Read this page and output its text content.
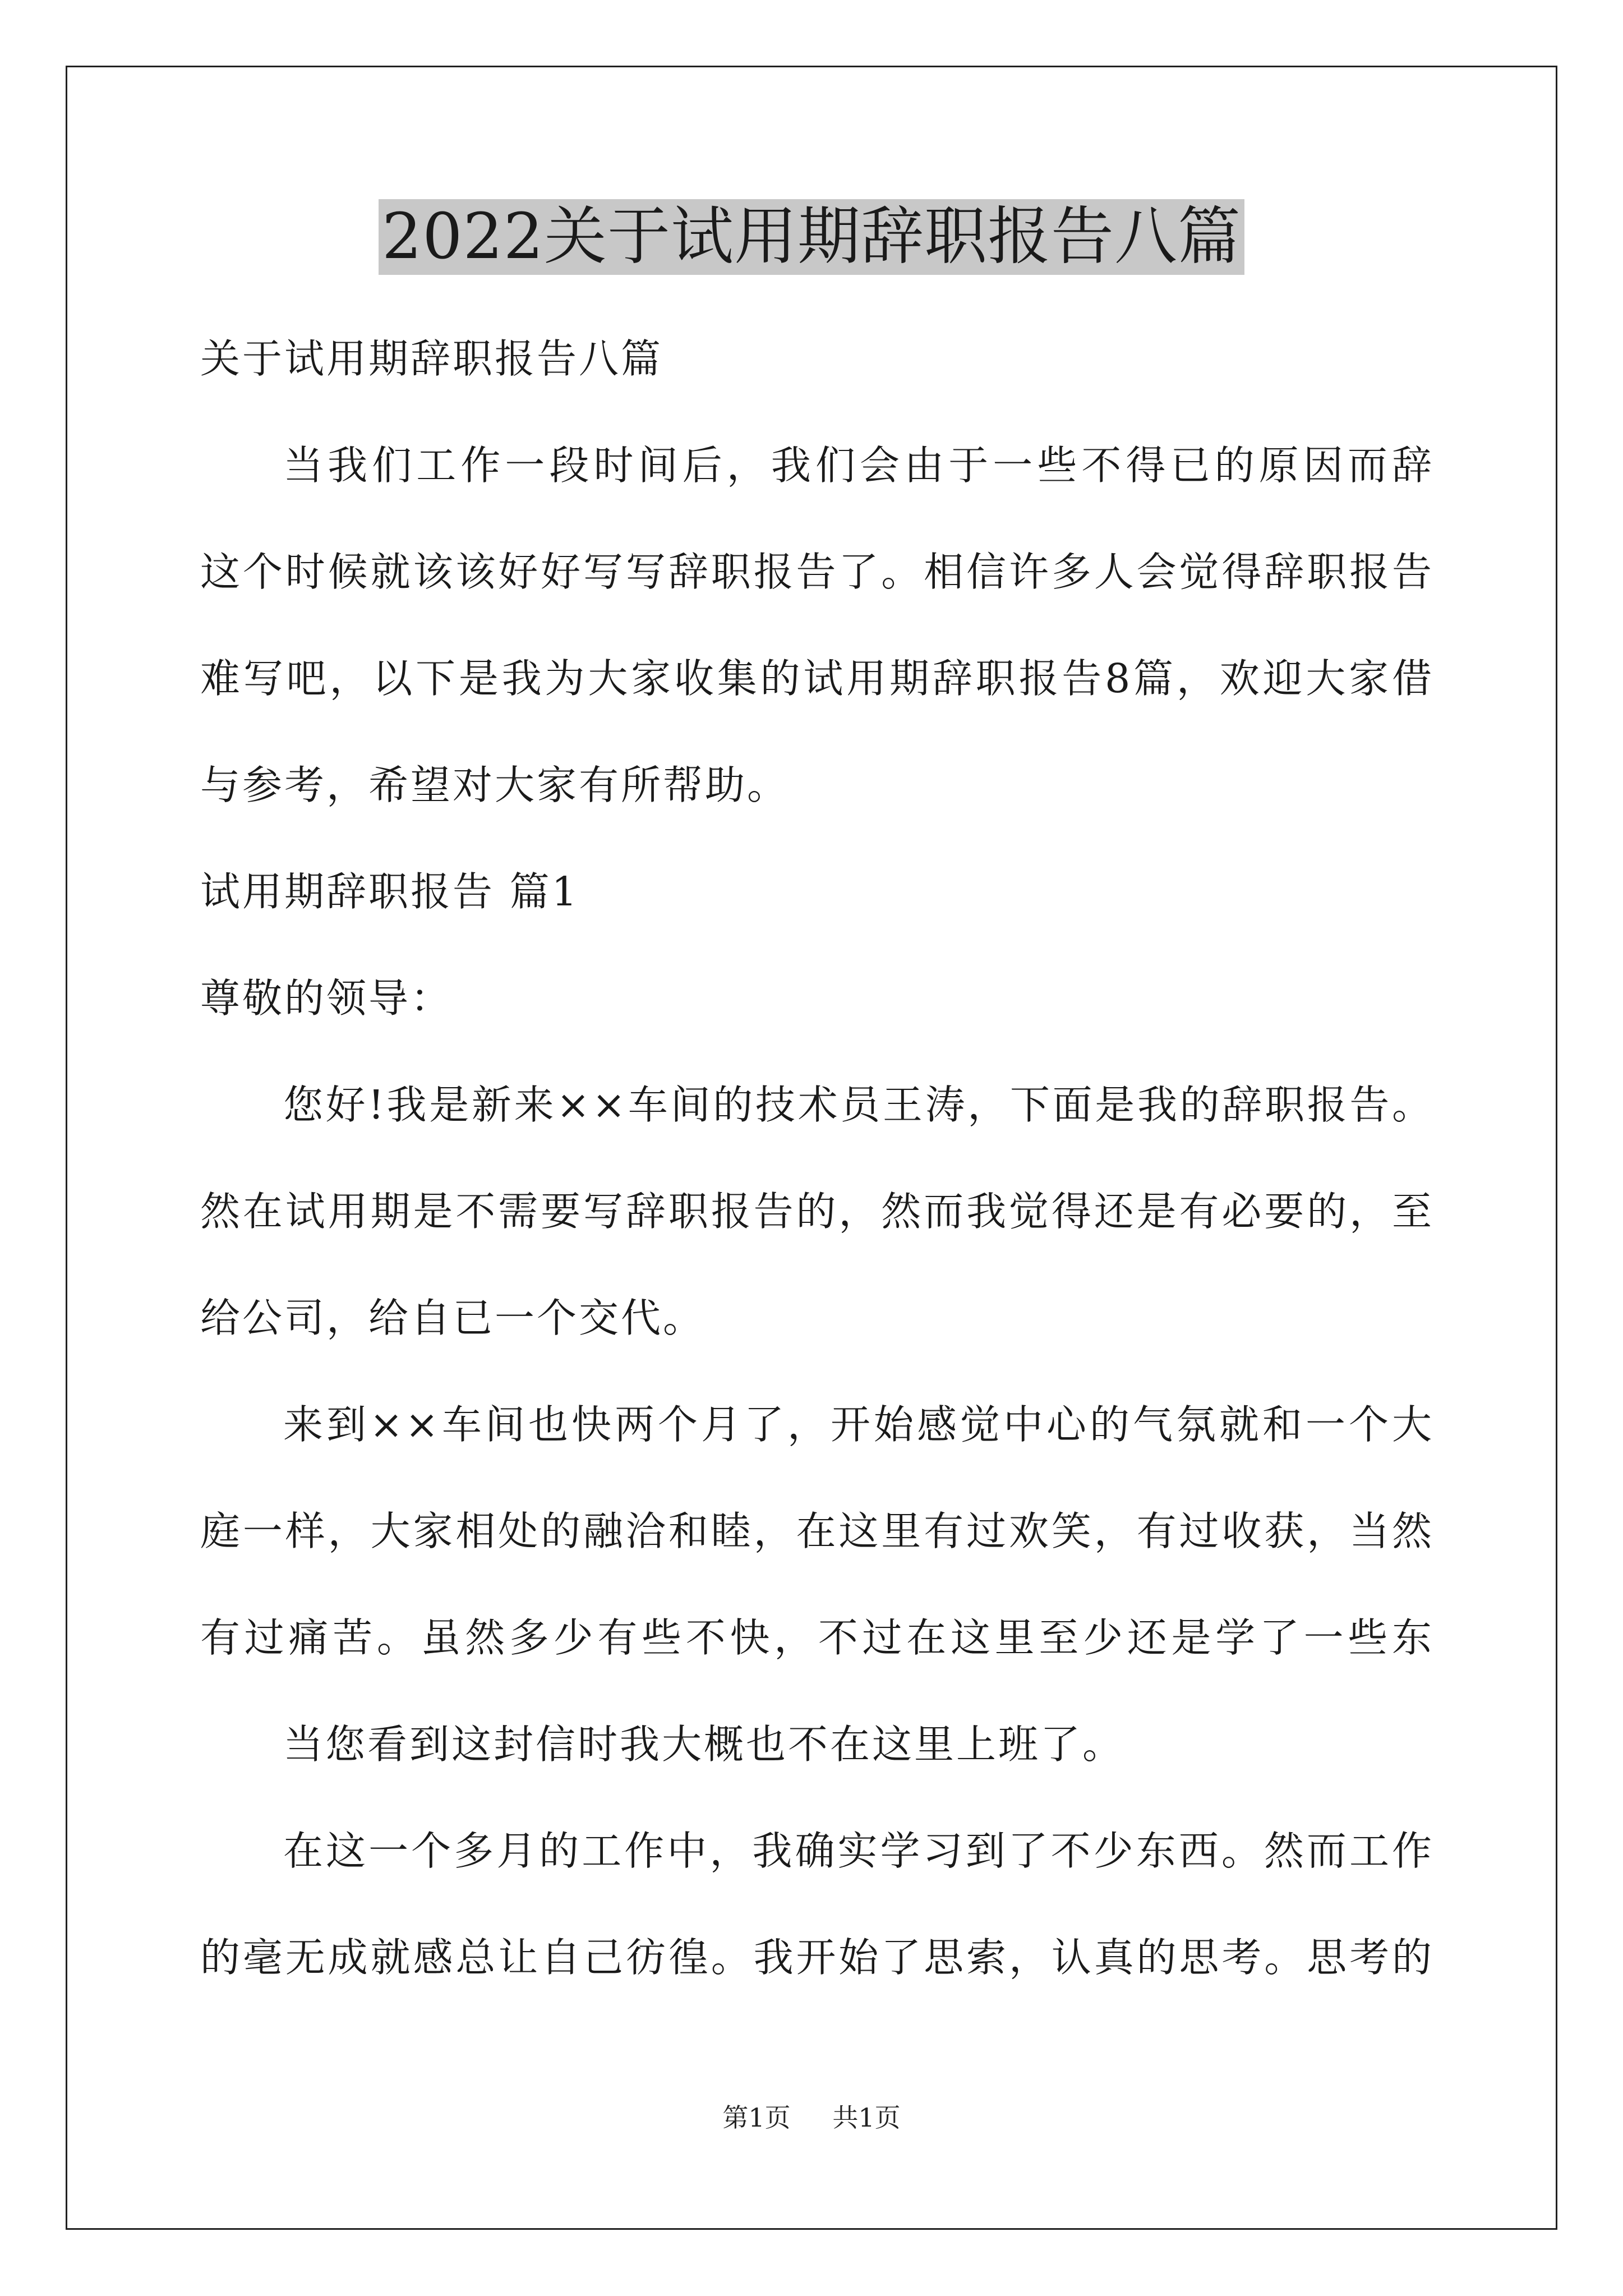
2022关于试用期辞职报告八篇
关于试用期辞职报告八篇
当我们工作一段时间后，我们会由于一些不得已的原因而辞
这个时候就该该好好写写辞职报告了。相信许多人会觉得辞职报告
难写吧，以下是我为大家收集的试用期辞职报告8篇，欢迎大家借
与参考，希望对大家有所帮助。
试用期辞职报告 篇1
尊敬的领导：
您好!我是新来××车间的技术员王涛，下面是我的辞职报告。
然在试用期是不需要写辞职报告的，然而我觉得还是有必要的，至
给公司，给自已一个交代。
来到××车间也快两个月了，开始感觉中心的气氛就和一个大
庭一样，大家相处的融洽和睦，在这里有过欢笑，有过收获，当然
有过痛苦。虽然多少有些不快，不过在这里至少还是学了一些东
当您看到这封信时我大概也不在这里上班了。
在这一个多月的工作中，我确实学习到了不少东西。然而工作
的毫无成就感总让自己彷徨。我开始了思索，认真的思考。思考的
第1页 共1页
